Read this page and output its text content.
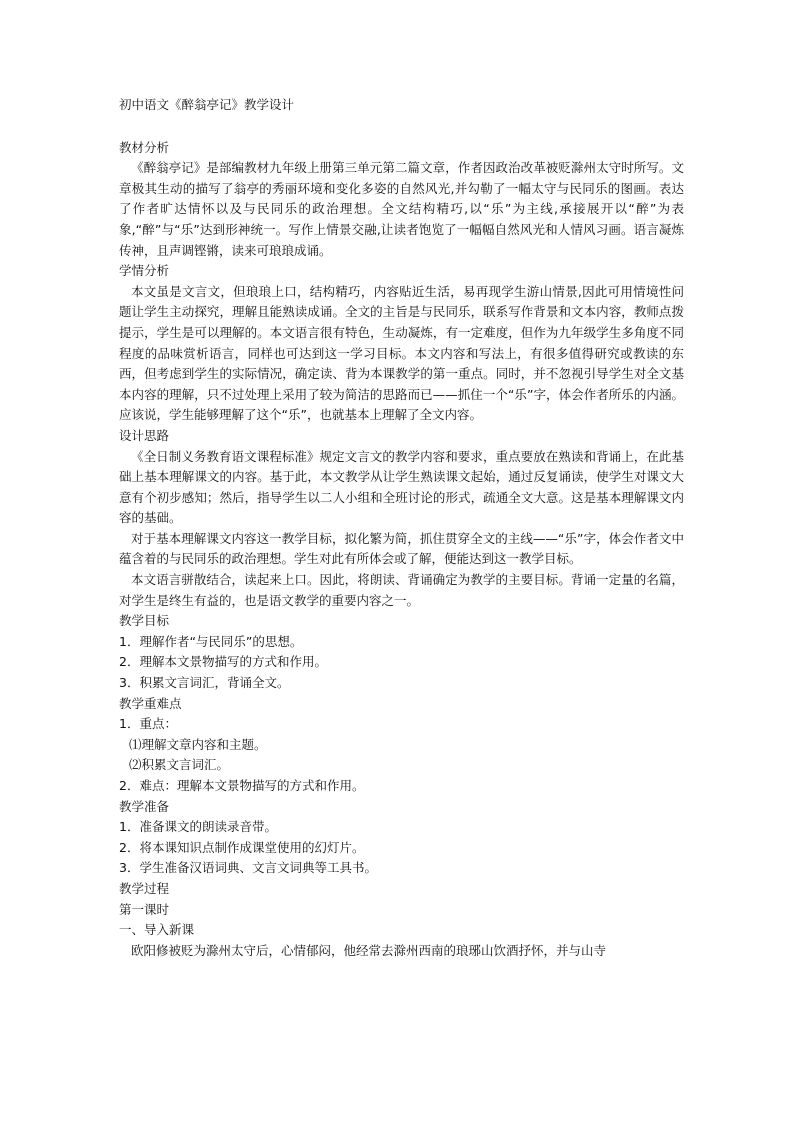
初中语文《醉翁亭记》教学设计

教材分析

《醉翁亭记》是部编教材九年级上册第三单元第二篇文章，作者因政治改革被贬滁州太守时所写。文章极其生动的描写了翁亭的秀丽环境和变化多姿的自然风光,并勾勒了一幅太守与民同乐的图画。表达了作者旷达情怀以及与民同乐的政治理想。全文结构精巧,以“乐”为主线,承接展开以“醉”为表象,“醉”与“乐”达到形神统一。写作上情景交融,让读者饱览了一幅幅自然风光和人情风习画。语言凝炼传神，且声调铿锵，读来可琅琅成诵。

学情分析

本文虽是文言文，但琅琅上口，结构精巧，内容贴近生活，易再现学生游山情景,因此可用情境性问题让学生主动探究，理解且能熟读成诵。全文的主旨是与民同乐，联系写作背景和文本内容，教师点拨提示，学生是可以理解的。本文语言很有特色，生动凝炼，有一定难度，但作为九年级学生多角度不同程度的品味赏析语言，同样也可达到这一学习目标。本文内容和写法上，有很多值得研究或教读的东西，但考虑到学生的实际情况，确定读、背为本课教学的第一重点。同时，并不忽视引导学生对全文基本内容的理解，只不过处理上采用了较为简洁的思路而已——抓住一个“乐”字，体会作者所乐的内涵。应该说，学生能够理解了这个“乐”，也就基本上理解了全文内容。

设计思路

《全日制义务教育语文课程标准》规定文言文的教学内容和要求，重点要放在熟读和背诵上，在此基础上基本理解课文的内容。基于此，本文教学从让学生熟读课文起始，通过反复诵读，使学生对课文大意有个初步感知；然后，指导学生以二人小组和全班讨论的形式，疏通全文大意。这是基本理解课文内容的基础。

对于基本理解课文内容这一教学目标，拟化繁为简，抓住贯穿全文的主线——“乐”字，体会作者文中蕴含着的与民同乐的政治理想。学生对此有所体会或了解，便能达到这一教学目标。

本文语言骈散结合，读起来上口。因此，将朗读、背诵确定为教学的主要目标。背诵一定量的名篇，对学生是终生有益的，也是语文教学的重要内容之一。

教学目标

1．理解作者“与民同乐”的思想。

2．理解本文景物描写的方式和作用。

3．积累文言词汇，背诵全文。

教学重难点

1．重点：

⑴理解文章内容和主题。

⑵积累文言词汇。

2．难点：理解本文景物描写的方式和作用。

教学准备

1．准备课文的朗读录音带。

2．将本课知识点制作成课堂使用的幻灯片。

3．学生准备汉语词典、文言文词典等工具书。

教学过程

第一课时

一、导入新课

欧阳修被贬为滁州太守后，心情郁闷，他经常去滁州西南的琅琊山饮酒抒怀，并与山寺
